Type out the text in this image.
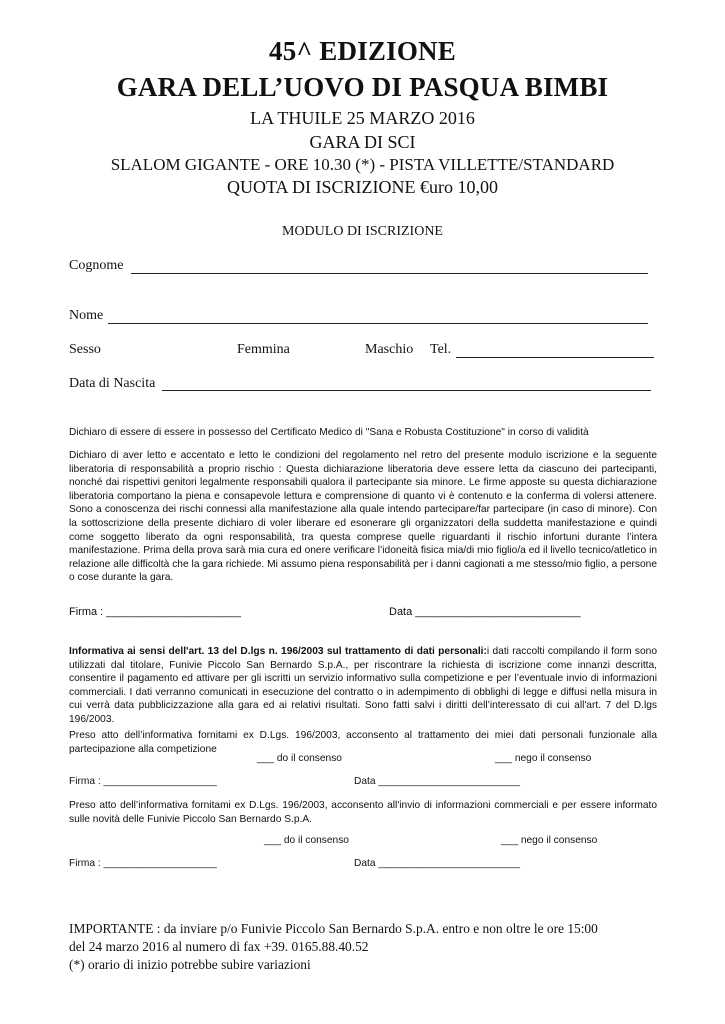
45^ EDIZIONE
GARA DELL’UOVO DI PASQUA BIMBI
LA THUILE 25 MARZO 2016
GARA DI SCI
SLALOM GIGANTE - ORE 10.30 (*) - PISTA VILLETTE/STANDARD
QUOTA DI ISCRIZIONE €uro 10,00
MODULO DI ISCRIZIONE
Cognome
Nome
Sesso	Femmina	Maschio Tel.
Data di Nascita
Dichiaro di essere di essere in possesso del Certificato Medico di "Sana e Robusta Costituzione" in corso di validità
Dichiaro di aver letto e accentato e letto le condizioni del regolamento nel retro del presente modulo iscrizione e la seguente liberatoria di responsabilità a proprio rischio : Questa dichiarazione liberatoria deve essere letta da ciascuno dei partecipanti, nonché dai rispettivi genitori legalmente responsabili qualora il partecipante sia minore. Le firme apposte su questa dichiarazione liberatoria comportano la piena e consapevole lettura e comprensione di quanto vi è contenuto e la conferma di volersi attenere. Sono a conoscenza dei rischi connessi alla manifestazione alla quale intendo partecipare/far partecipare (in caso di minore). Con la sottoscrizione della presente dichiaro di voler liberare ed esonerare gli organizzatori della suddetta manifestazione e quindi come soggetto liberato da ogni responsabilità, tra questa comprese quelle riguardanti il rischio infortuni durante l’intera manifestazione. Prima della prova sarà mia cura ed onere verificare l’idoneità fisica mia/di mio figlio/a ed il livello tecnico/atletico in relazione alle difficoltà che la gara richiede. Mi assumo piena responsabilità per i danni cagionati a me stesso/mio figlio, a persone o cose durante la gara.
Firma : ______________________	Data ___________________________
Informativa ai sensi dell'art. 13 del D.lgs n. 196/2003 sul trattamento di dati personali:i dati raccolti compilando il form sono utilizzati dal titolare, Funivie Piccolo San Bernardo S.p.A., per riscontrare la richiesta di iscrizione come innanzi descritta, consentire il pagamento ed attivare per gli iscritti un servizio informativo sulla competizione e per l’eventuale invio di informazioni commerciali. I dati verranno comunicati in esecuzione del contratto o in adempimento di obblighi di legge e diffusi nella misura in cui verrà data pubblicizzazione alla gara ed ai relativi risultati. Sono fatti salvi i diritti dell’interessato di cui all'art. 7 del D.lgs 196/2003.
Preso atto dell’informativa fornitami ex D.Lgs. 196/2003, acconsento al trattamento dei miei dati personali funzionale alla partecipazione alla competizione
___ do il consenso	___ nego il consenso
Firma : ____________________	Data _________________________
Preso atto dell’informativa fornitami ex D.Lgs. 196/2003, acconsento all'invio di informazioni commerciali e per essere informato sulle novità delle Funivie Piccolo San Bernardo S.p.A.
___ do il consenso	___ nego il consenso
Firma : ____________________	Data _________________________
IMPORTANTE : da inviare p/o Funivie Piccolo San Bernardo S.p.A. entro e non oltre le ore 15:00
del 24 marzo 2016 al numero di fax +39. 0165.88.40.52
(*) orario di inizio potrebbe subire variazioni
